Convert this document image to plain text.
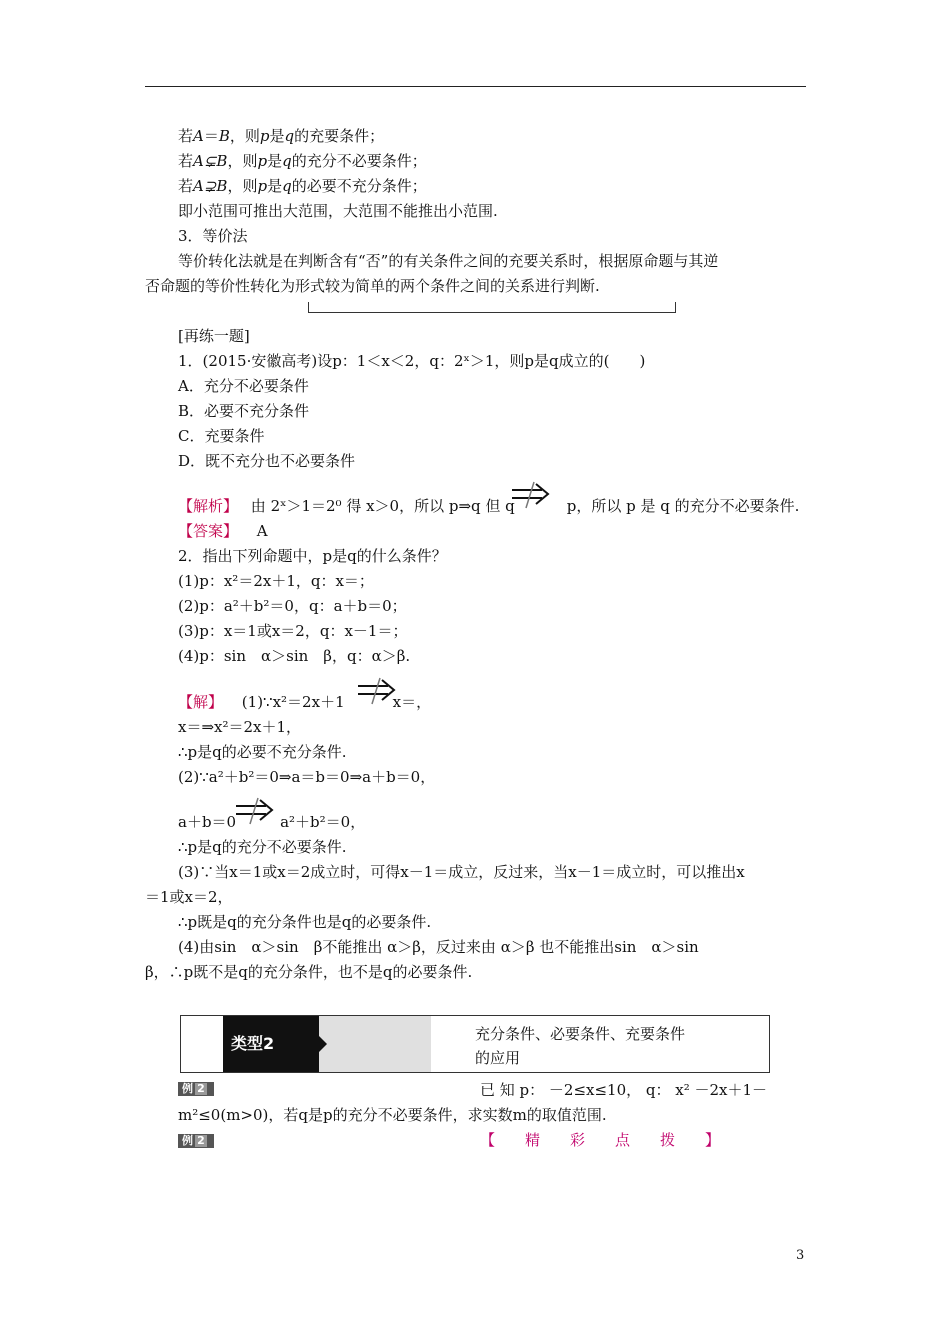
若A＝B，则p是q的充要条件；
若A⊊B，则p是q的充分不必要条件；
若A⊋B，则p是q的必要不充分条件；
即小范围可推出大范围，大范围不能推出小范围.
3．等价法
等价转化法就是在判断含有“否”的有关条件之间的充要关系时，根据原命题与其逆
否命题的等价性转化为形式较为简单的两个条件之间的关系进行判断.
[再练一题]
1．(2015·安徽高考)设p：1＜x＜2，q：2ˣ＞1，则p是q成立的(　　)
A．充分不必要条件
B．必要不充分条件
C．充要条件
D．既不充分也不必要条件
【解析】 由 2ˣ＞1＝2⁰ 得 x＞0，所以 p⇒q 但 q	p，所以 p 是 q 的充分不必要条件.
【答案】 A
2．指出下列命题中，p是q的什么条件？
(1)p：x²＝2x＋1，q：x＝；
(2)p：a²＋b²＝0，q：a＋b＝0；
(3)p：x＝1或x＝2，q：x－1＝；
(4)p：sin　α＞sin　β，q：α＞β.
【解】 (1)∵x²＝2x＋1	x＝，
x＝⇒x²＝2x＋1，
∴p是q的必要不充分条件.
(2)∵a²＋b²＝0⇒a＝b＝0⇒a＋b＝0，
a＋b＝0	a²＋b²＝0，
∴p是q的充分不必要条件.
(3)∵当x＝1或x＝2成立时，可得x－1＝成立，反过来，当x－1＝成立时，可以推出x
＝1或x＝2，
∴p既是q的充分条件也是q的必要条件.
(4)由sin　α＞sin　β不能推出 α＞β，反过来由 α＞β 也不能推出sin　α＞sin
β，∴p既不是q的充分条件，也不是q的必要条件.
类型2	充分条件、必要条件、充要条件
的应用
例 2	已 知 p： －2≤x≤10， q： x² －2x＋1－
m²≤0(m>0)，若q是p的充分不必要条件，求实数m的取值范围.
例 2	【　　精　　彩　　点　　拨　　】
3
